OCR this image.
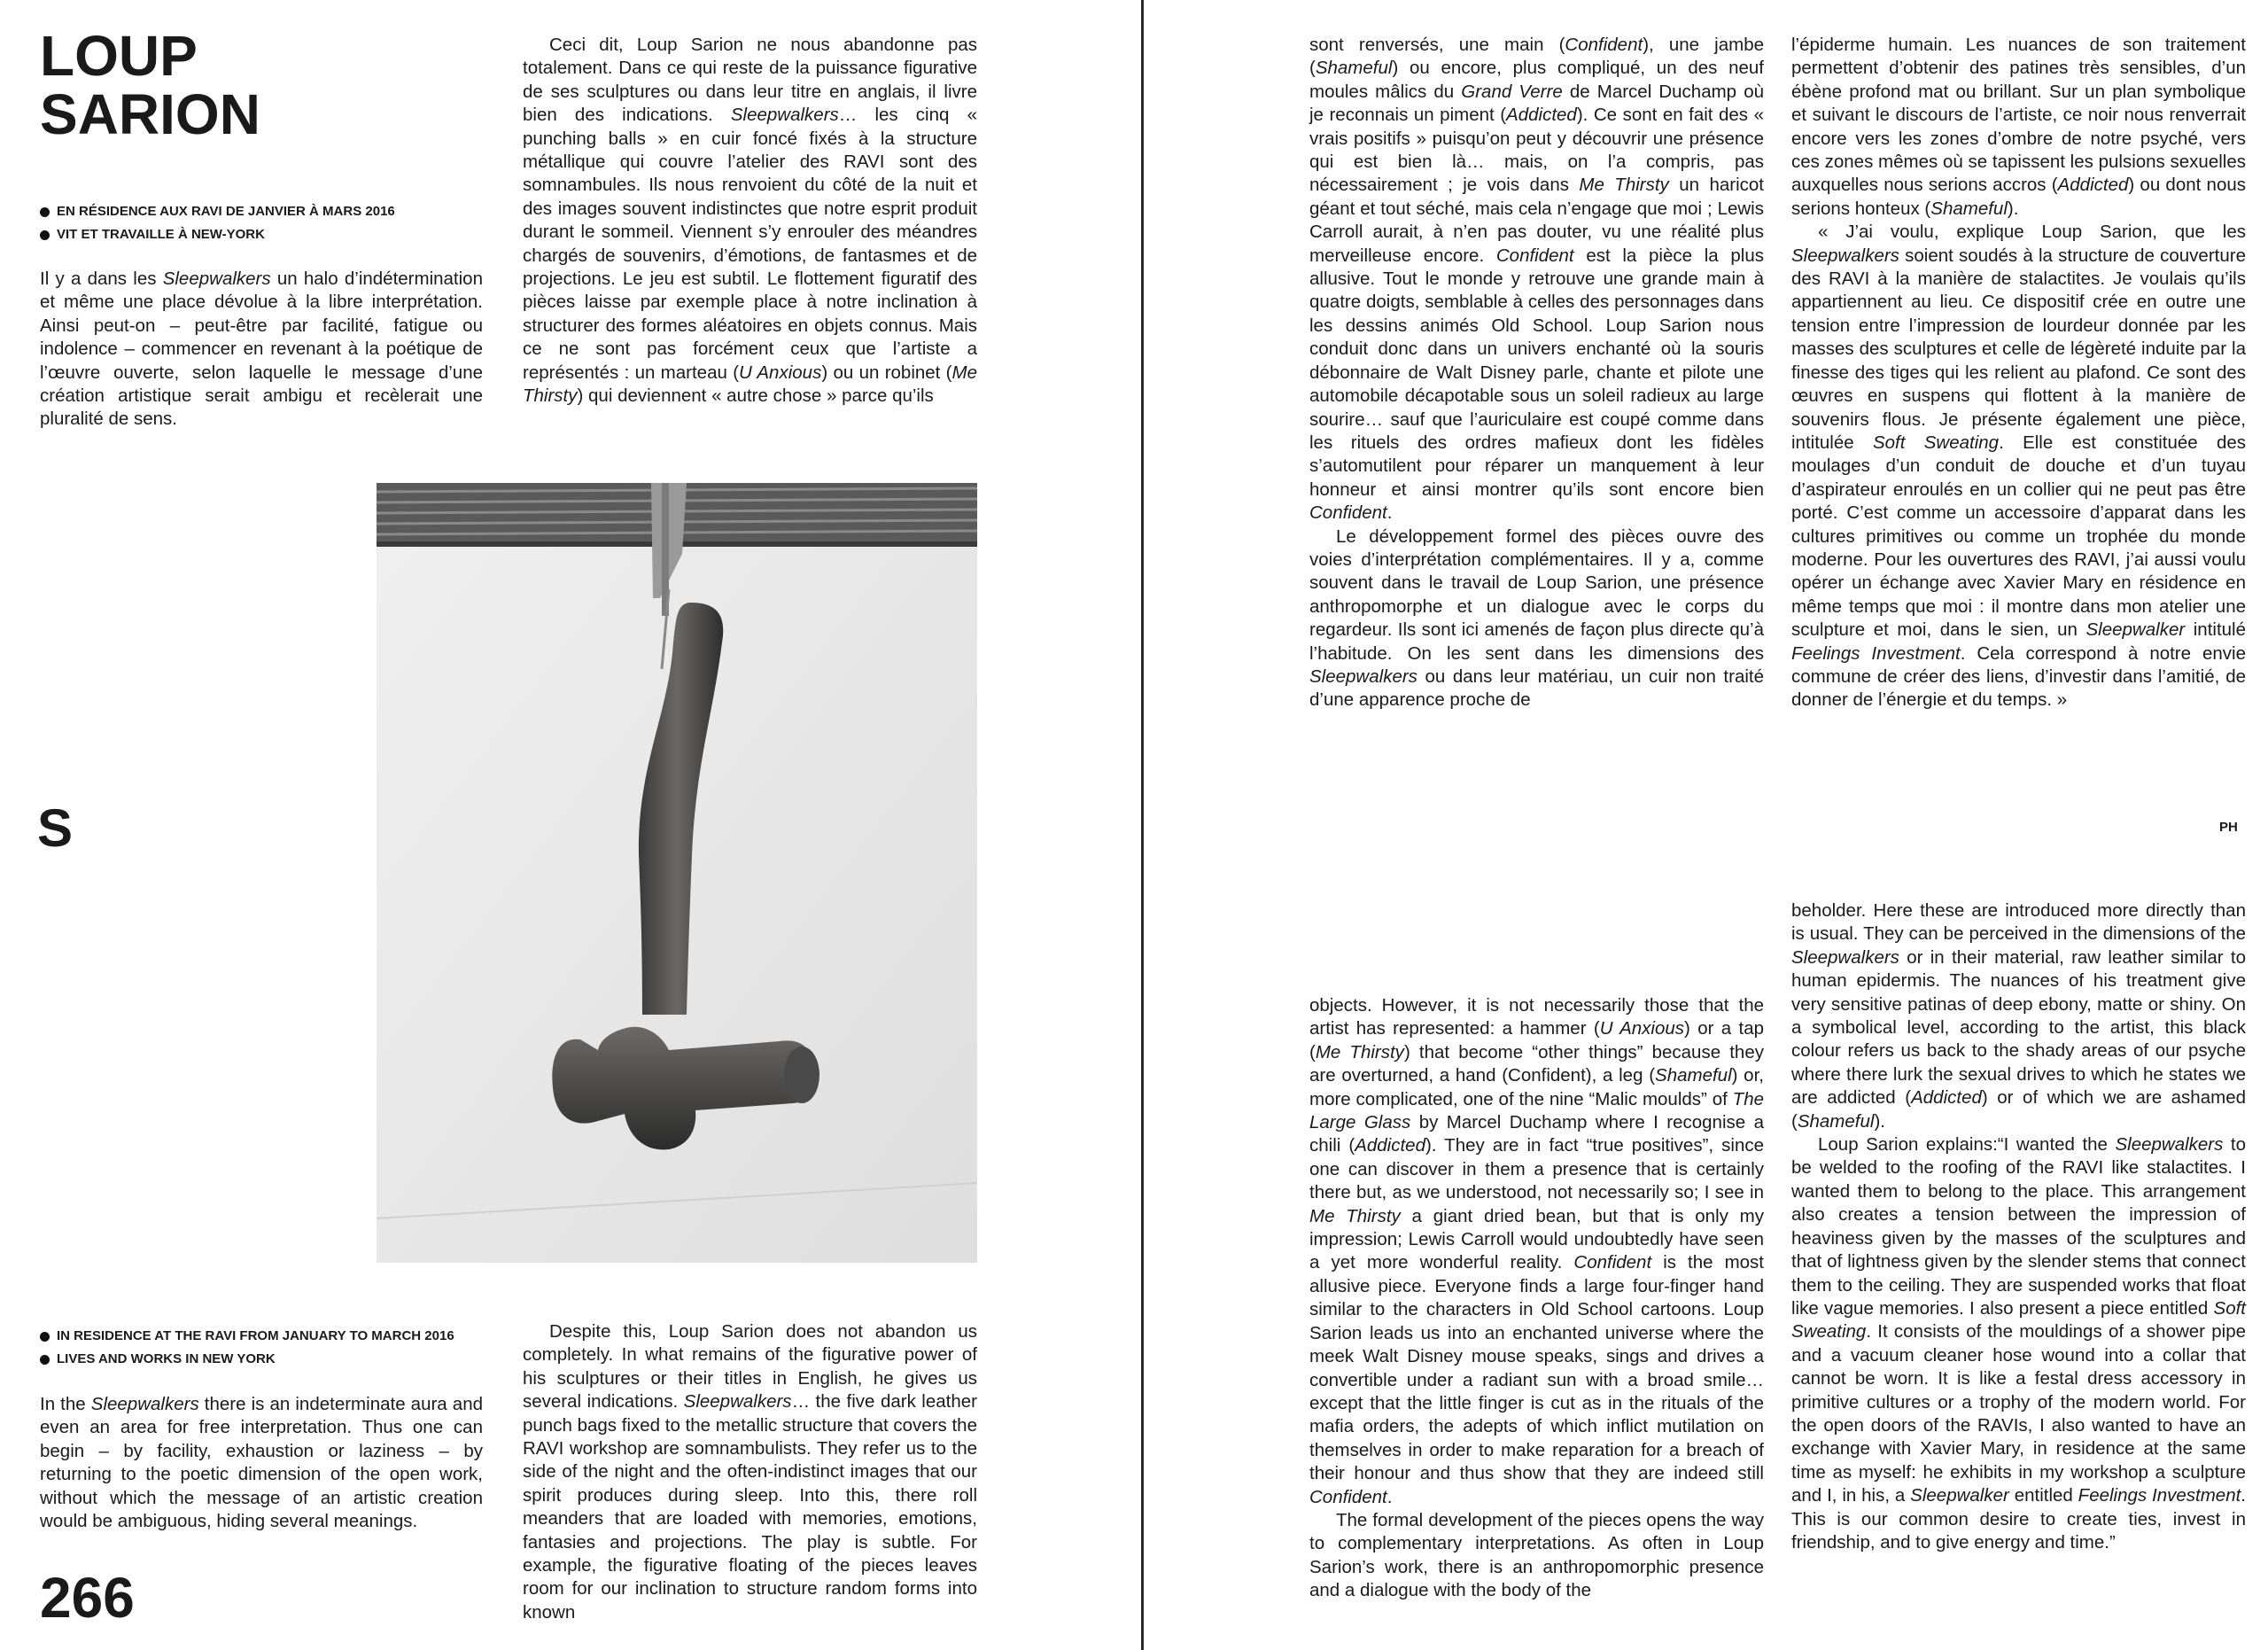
LOUP
SARION
EN RÉSIDENCE AUX RAVI DE JANVIER À MARS 2016
VIT ET TRAVAILLE À NEW-YORK

Il y a dans les Sleepwalkers un halo d’indétermination et même une place dévolue à la libre interprétation. Ainsi peut-on – peut-être par facilité, fatigue ou indolence – commencer en revenant à la poétique de l’œuvre ouverte, selon laquelle le message d’une création artistique serait ambigu et recèlerait une pluralité de sens.

Ceci dit, Loup Sarion ne nous abandonne pas totalement. Dans ce qui reste de la puissance figurative de ses sculptures ou dans leur titre en anglais, il livre bien des indications. Sleepwalkers… les cinq « punching balls » en cuir foncé fixés à la structure métallique qui couvre l’atelier des RAVI sont des somnambules. Ils nous renvoient du côté de la nuit et des images souvent indistinctes que notre esprit produit durant le sommeil. Viennent s’y enrouler des méandres chargés de souvenirs, d’émotions, de fantasmes et de projections. Le jeu est subtil. Le flottement figuratif des pièces laisse par exemple place à notre inclination à structurer des formes aléatoires en objets connus. Mais ce ne sont pas forcément ceux que l’artiste a représentés : un marteau (U Anxious) ou un robinet (Me Thirsty) qui deviennent « autre chose » parce qu’ils

S
IN RESIDENCE AT THE RAVI FROM JANUARY TO MARCH 2016
LIVES AND WORKS IN NEW YORK

In the Sleepwalkers there is an indeterminate aura and even an area for free interpretation. Thus one can begin – by facility, exhaustion or laziness – by returning to the poetic dimension of the open work, without which the message of an artistic creation would be ambiguous, hiding several meanings.

Despite this, Loup Sarion does not abandon us completely. In what remains of the figurative power of his sculptures or their titles in English, he gives us several indications. Sleepwalkers… the five dark leather punch bags fixed to the metallic structure that covers the RAVI workshop are somnambulists. They refer us to the side of the night and the often-indistinct images that our spirit produces during sleep. Into this, there roll meanders that are loaded with memories, emotions, fantasies and projections. The play is subtle. For example, the figurative floating of the pieces leaves room for our inclination to structure random forms into known

266

sont renversés, une main (Confident), une jambe (Shameful) ou encore, plus compliqué, un des neuf moules mâlics du Grand Verre de Marcel Duchamp où je reconnais un piment (Addicted). Ce sont en fait des « vrais positifs » puisqu’on peut y découvrir une présence qui est bien là… mais, on l’a compris, pas nécessairement ; je vois dans Me Thirsty un haricot géant et tout séché, mais cela n’engage que moi ; Lewis Carroll aurait, à n’en pas douter, vu une réalité plus merveilleuse encore. Confident est la pièce la plus allusive. Tout le monde y retrouve une grande main à quatre doigts, semblable à celles des personnages dans les dessins animés Old School. Loup Sarion nous conduit donc dans un univers enchanté où la souris débonnaire de Walt Disney parle, chante et pilote une automobile décapotable sous un soleil radieux au large sourire… sauf que l’auriculaire est coupé comme dans les rituels des ordres mafieux dont les fidèles s’automutilent pour réparer un manquement à leur honneur et ainsi montrer qu’ils sont encore bien Confident.

Le développement formel des pièces ouvre des voies d’interprétation complémentaires. Il y a, comme souvent dans le travail de Loup Sarion, une présence anthropomorphe et un dialogue avec le corps du regardeur. Ils sont ici amenés de façon plus directe qu’à l’habitude. On les sent dans les dimensions des Sleepwalkers ou dans leur matériau, un cuir non traité d’une apparence proche de

l’épiderme humain. Les nuances de son traitement permettent d’obtenir des patines très sensibles, d’un ébène profond mat ou brillant. Sur un plan symbolique et suivant le discours de l’artiste, ce noir nous renverrait encore vers les zones d’ombre de notre psyché, vers ces zones mêmes où se tapissent les pulsions sexuelles auxquelles nous serions accros (Addicted) ou dont nous serions honteux (Shameful).

« J’ai voulu, explique Loup Sarion, que les Sleepwalkers soient soudés à la structure de couverture des RAVI à la manière de stalactites. Je voulais qu’ils appartiennent au lieu. Ce dispositif crée en outre une tension entre l’impression de lourdeur donnée par les masses des sculptures et celle de légèreté induite par la finesse des tiges qui les relient au plafond. Ce sont des œuvres en suspens qui flottent à la manière de souvenirs flous. Je présente également une pièce, intitulée Soft Sweating. Elle est constituée des moulages d’un conduit de douche et d’un tuyau d’aspirateur enroulés en un collier qui ne peut pas être porté. C’est comme un accessoire d’apparat dans les cultures primitives ou comme un trophée du monde moderne. Pour les ouvertures des RAVI, j’ai aussi voulu opérer un échange avec Xavier Mary en résidence en même temps que moi : il montre dans mon atelier une sculpture et moi, dans le sien, un Sleepwalker intitulé Feelings Investment. Cela correspond à notre envie commune de créer des liens, d’investir dans l’amitié, de donner de l’énergie et du temps. »

PH

objects. However, it is not necessarily those that the artist has represented: a hammer (U Anxious) or a tap (Me Thirsty) that become “other things” because they are overturned, a hand (Confident), a leg (Shameful) or, more complicated, one of the nine “Malic moulds” of The Large Glass by Marcel Duchamp where I recognise a chili (Addicted). They are in fact “true positives”, since one can discover in them a presence that is certainly there but, as we understood, not necessarily so; I see in Me Thirsty a giant dried bean, but that is only my impression; Lewis Carroll would undoubtedly have seen a yet more wonderful reality. Confident is the most allusive piece. Everyone finds a large four-finger hand similar to the characters in Old School cartoons. Loup Sarion leads us into an enchanted universe where the meek Walt Disney mouse speaks, sings and drives a convertible under a radiant sun with a broad smile… except that the little finger is cut as in the rituals of the mafia orders, the adepts of which inflict mutilation on themselves in order to make reparation for a breach of their honour and thus show that they are indeed still Confident.

The formal development of the pieces opens the way to complementary interpretations. As often in Loup Sarion’s work, there is an anthropomorphic presence and a dialogue with the body of the

beholder. Here these are introduced more directly than is usual. They can be perceived in the dimensions of the Sleepwalkers or in their material, raw leather similar to human epidermis. The nuances of his treatment give very sensitive patinas of deep ebony, matte or shiny. On a symbolical level, according to the artist, this black colour refers us back to the shady areas of our psyche where there lurk the sexual drives to which he states we are addicted (Addicted) or of which we are ashamed (Shameful).

Loup Sarion explains:“I wanted the Sleepwalkers to be welded to the roofing of the RAVI like stalactites. I wanted them to belong to the place. This arrangement also creates a tension between the impression of heaviness given by the masses of the sculptures and that of lightness given by the slender stems that connect them to the ceiling. They are suspended works that float like vague memories. I also present a piece entitled Soft Sweating. It consists of the mouldings of a shower pipe and a vacuum cleaner hose wound into a collar that cannot be worn. It is like a festal dress accessory in primitive cultures or a trophy of the modern world. For the open doors of the RAVIs, I also wanted to have an exchange with Xavier Mary, in residence at the same time as myself: he exhibits in my workshop a sculpture and I, in his, a Sleepwalker entitled Feelings Investment. This is our common desire to create ties, invest in friendship, and to give energy and time.”
